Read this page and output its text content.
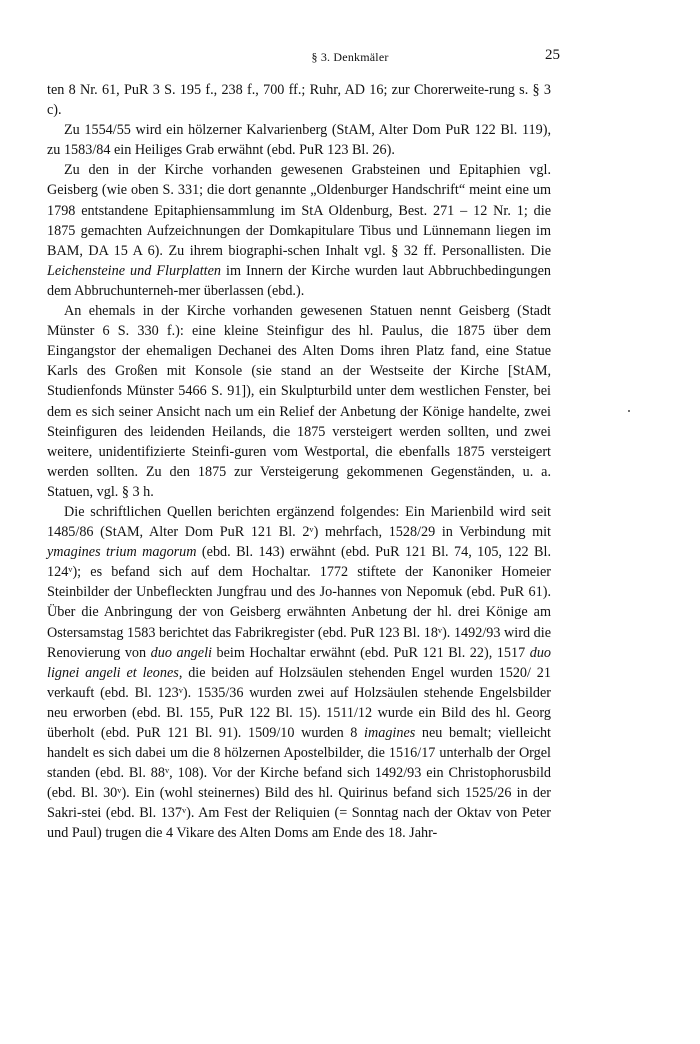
§ 3. Denkmäler	25

ten 8 Nr. 61, PuR 3 S. 195 f., 238 f., 700 ff.; Ruhr, AD 16; zur Chorerweite-rung s. § 3 c).

Zu 1554/55 wird ein hölzerner Kalvarienberg (StAM, Alter Dom PuR 122 Bl. 119), zu 1583/84 ein Heiliges Grab erwähnt (ebd. PuR 123 Bl. 26).

Zu den in der Kirche vorhanden gewesenen Grabsteinen und Epitaphien vgl. Geisberg (wie oben S. 331; die dort genannte „Oldenburger Handschrift“ meint eine um 1798 entstandene Epitaphiensammlung im StA Oldenburg, Best. 271 – 12 Nr. 1; die 1875 gemachten Aufzeichnungen der Domkapitulare Tibus und Lünnemann liegen im BAM, DA 15 A 6). Zu ihrem biographi-schen Inhalt vgl. § 32 ff. Personallisten. Die Leichensteine und Flurplatten im Innern der Kirche wurden laut Abbruchbedingungen dem Abbruchunterneh-mer überlassen (ebd.).

An ehemals in der Kirche vorhanden gewesenen Statuen nennt Geisberg (Stadt Münster 6 S. 330 f.): eine kleine Steinfigur des hl. Paulus, die 1875 über dem Eingangstor der ehemaligen Dechanei des Alten Doms ihren Platz fand, eine Statue Karls des Großen mit Konsole (sie stand an der Westseite der Kirche [StAM, Studienfonds Münster 5466 S. 91]), ein Skulpturbild unter dem westlichen Fenster, bei dem es sich seiner Ansicht nach um ein Relief der Anbetung der Könige handelte, zwei Steinfiguren des leidenden Heilands, die 1875 versteigert werden sollten, und zwei weitere, unidentifizierte Steinfi-guren vom Westportal, die ebenfalls 1875 versteigert werden sollten. Zu den 1875 zur Versteigerung gekommenen Gegenständen, u. a. Statuen, vgl. § 3 h.

Die schriftlichen Quellen berichten ergänzend folgendes: Ein Marienbild wird seit 1485/86 (StAM, Alter Dom PuR 121 Bl. 2ᵛ) mehrfach, 1528/29 in Verbindung mit ymagines trium magorum (ebd. Bl. 143) erwähnt (ebd. PuR 121 Bl. 74, 105, 122 Bl. 124ᵛ); es befand sich auf dem Hochaltar. 1772 stiftete der Kanoniker Homeier Steinbilder der Unbefleckten Jungfrau und des Jo-hannes von Nepomuk (ebd. PuR 61). Über die Anbringung der von Geisberg erwähnten Anbetung der hl. drei Könige am Ostersamstag 1583 berichtet das Fabrikregister (ebd. PuR 123 Bl. 18ᵛ). 1492/93 wird die Renovierung von duo angeli beim Hochaltar erwähnt (ebd. PuR 121 Bl. 22), 1517 duo lignei angeli et leones, die beiden auf Holzsäulen stehenden Engel wurden 1520/ 21 verkauft (ebd. Bl. 123ᵛ). 1535/36 wurden zwei auf Holzsäulen stehende Engelsbilder neu erworben (ebd. Bl. 155, PuR 122 Bl. 15). 1511/12 wurde ein Bild des hl. Georg überholt (ebd. PuR 121 Bl. 91). 1509/10 wurden 8 imagines neu bemalt; vielleicht handelt es sich dabei um die 8 hölzernen Apostelbilder, die 1516/17 unterhalb der Orgel standen (ebd. Bl. 88ᵛ, 108). Vor der Kirche befand sich 1492/93 ein Christophorusbild (ebd. Bl. 30ᵛ). Ein (wohl steinernes) Bild des hl. Quirinus befand sich 1525/26 in der Sakri-stei (ebd. Bl. 137ᵛ). Am Fest der Reliquien (= Sonntag nach der Oktav von Peter und Paul) trugen die 4 Vikare des Alten Doms am Ende des 18. Jahr-
